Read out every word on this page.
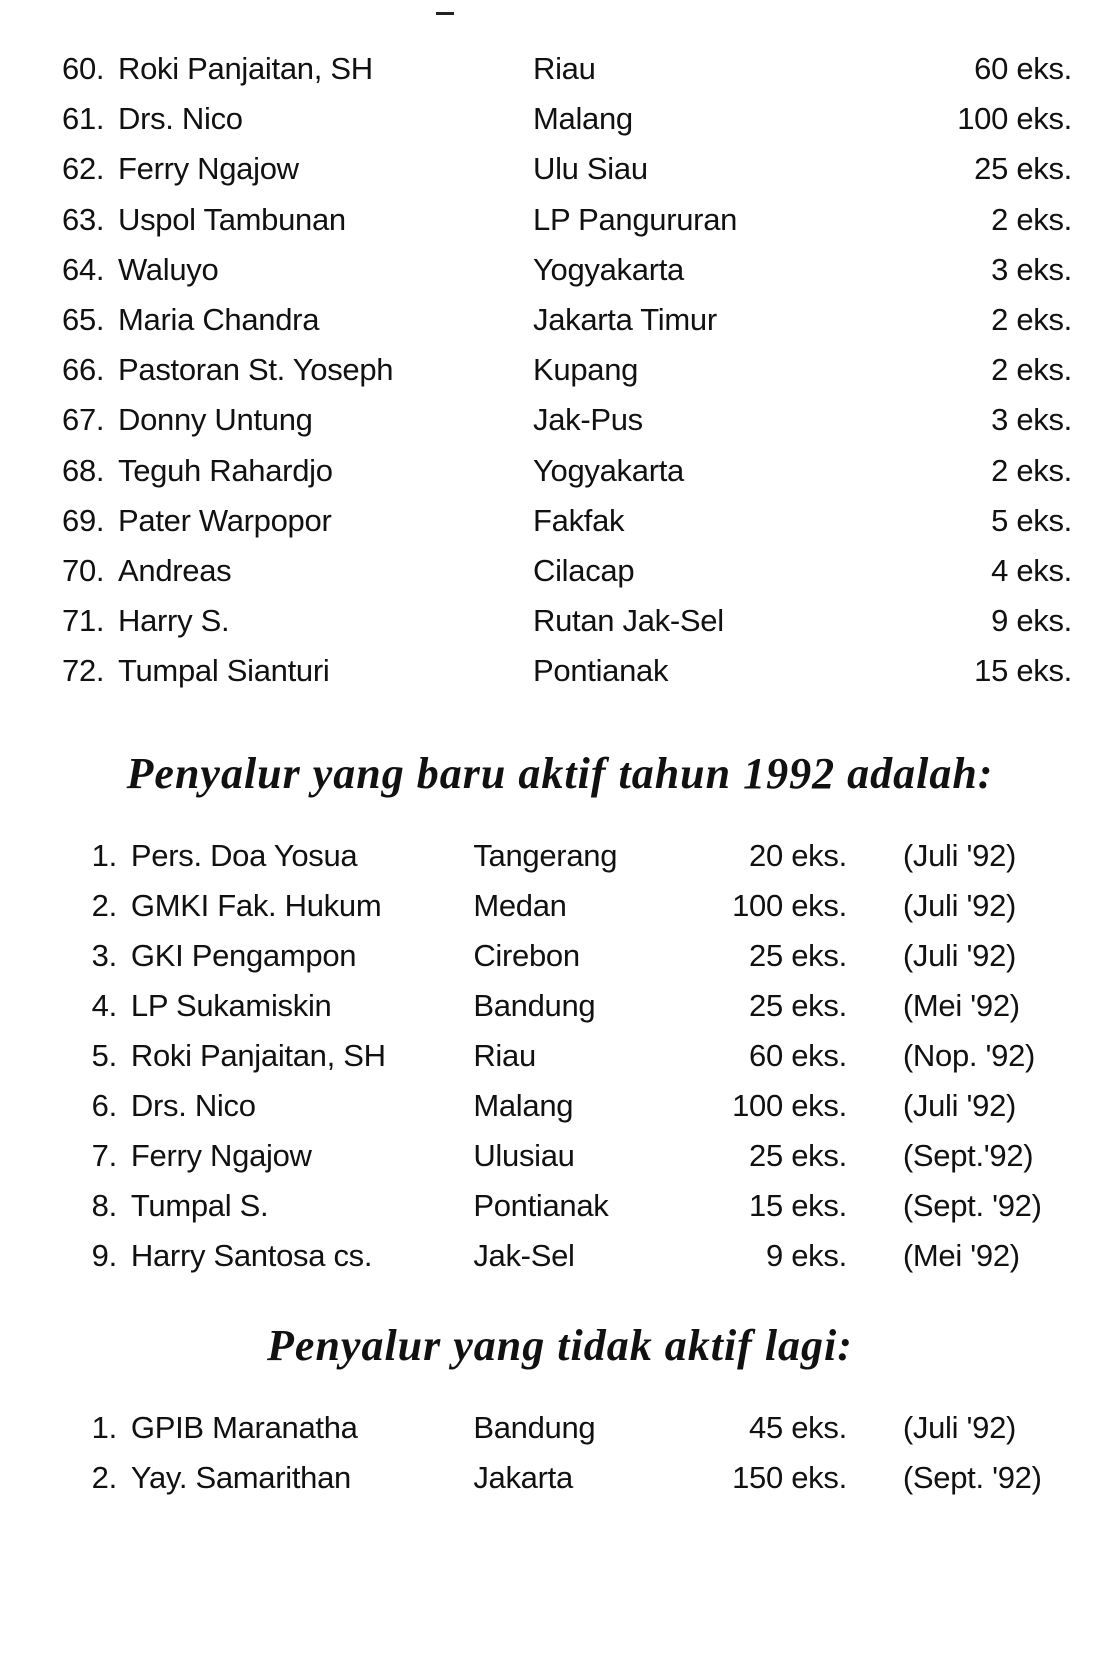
60. Roki Panjaitan, SH	Riau	60 eks.
61. Drs. Nico	Malang	100 eks.
62. Ferry Ngajow	Ulu Siau	25 eks.
63. Uspol Tambunan	LP Pangururan	2 eks.
64. Waluyo	Yogyakarta	3 eks.
65. Maria Chandra	Jakarta Timur	2 eks.
66. Pastoran St. Yoseph	Kupang	2 eks.
67. Donny Untung	Jak-Pus	3 eks.
68. Teguh Rahardjo	Yogyakarta	2 eks.
69. Pater Warpopor	Fakfak	5 eks.
70. Andreas	Cilacap	4 eks.
71. Harry S.	Rutan Jak-Sel	9 eks.
72. Tumpal Sianturi	Pontianak	15 eks.
Penyalur yang baru aktif tahun 1992 adalah:
1. Pers. Doa Yosua	Tangerang	20 eks.	(Juli '92)
2. GMKI Fak. Hukum	Medan	100 eks.	(Juli '92)
3. GKI Pengampon	Cirebon	25 eks.	(Juli '92)
4. LP Sukamiskin	Bandung	25 eks.	(Mei '92)
5. Roki Panjaitan, SH	Riau	60 eks.	(Nop. '92)
6. Drs. Nico	Malang	100 eks.	(Juli '92)
7. Ferry Ngajow	Ulusiau	25 eks.	(Sept.'92)
8. Tumpal S.	Pontianak	15 eks.	(Sept. '92)
9. Harry Santosa cs.	Jak-Sel	9 eks.	(Mei '92)
Penyalur yang tidak aktif lagi:
1. GPIB Maranatha	Bandung	45 eks.	(Juli '92)
2. Yay. Samarithan	Jakarta	150 eks.	(Sept. '92)
